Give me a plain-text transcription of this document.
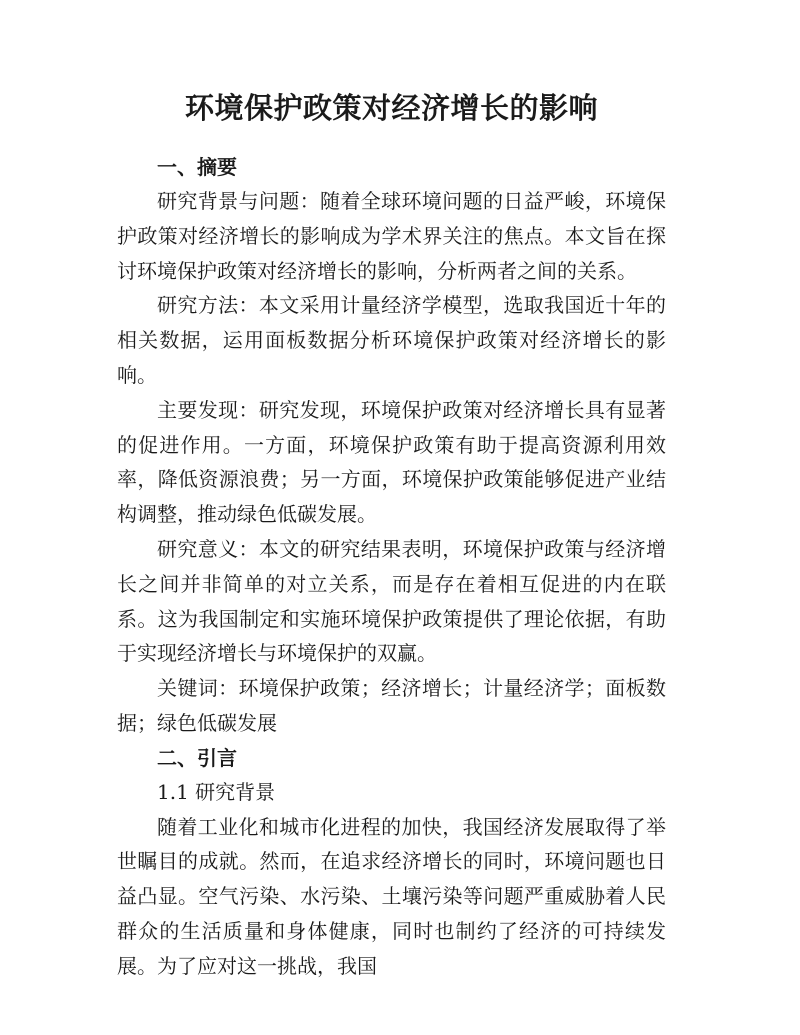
环境保护政策对经济增长的影响
一、摘要

研究背景与问题：随着全球环境问题的日益严峻，环境保护政策对经济增长的影响成为学术界关注的焦点。本文旨在探讨环境保护政策对经济增长的影响，分析两者之间的关系。

研究方法：本文采用计量经济学模型，选取我国近十年的相关数据，运用面板数据分析环境保护政策对经济增长的影响。

主要发现：研究发现，环境保护政策对经济增长具有显著的促进作用。一方面，环境保护政策有助于提高资源利用效率，降低资源浪费；另一方面，环境保护政策能够促进产业结构调整，推动绿色低碳发展。

研究意义：本文的研究结果表明，环境保护政策与经济增长之间并非简单的对立关系，而是存在着相互促进的内在联系。这为我国制定和实施环境保护政策提供了理论依据，有助于实现经济增长与环境保护的双赢。

关键词：环境保护政策；经济增长；计量经济学；面板数据；绿色低碳发展

二、引言

1.1 研究背景

随着工业化和城市化进程的加快，我国经济发展取得了举世瞩目的成就。然而，在追求经济增长的同时，环境问题也日益凸显。空气污染、水污染、土壤污染等问题严重威胁着人民群众的生活质量和身体健康，同时也制约了经济的可持续发展。为了应对这一挑战，我国
